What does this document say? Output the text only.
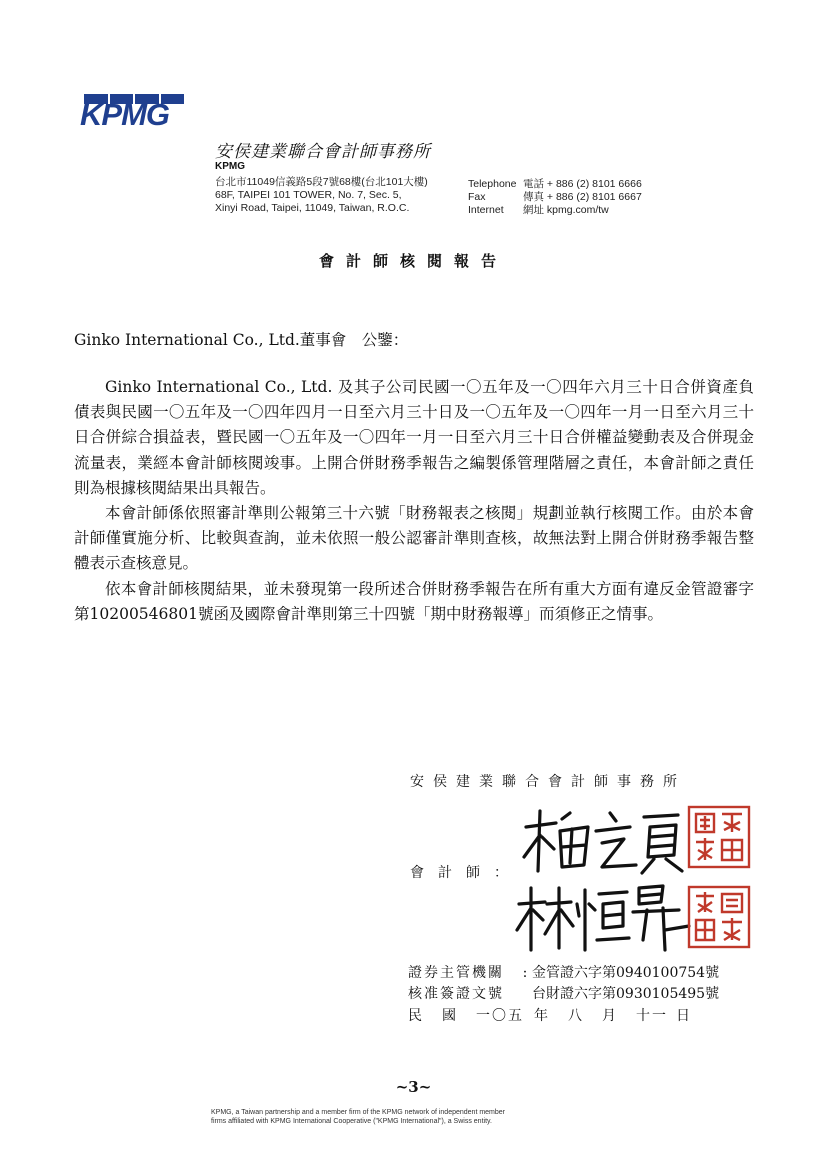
KPMG
安侯建業聯合會計師事務所
KPMG
台北市11049信義路5段7號68樓(台北101大樓)
68F, TAIPEI 101 TOWER, No. 7, Sec. 5,
Xinyi Road, Taipei, 11049, Taiwan, R.O.C.
Telephone 電話 + 886 (2) 8101 6666
Fax	傳真 + 886 (2) 8101 6667
Internet	網址 kpmg.com/tw
會計師核閱報告
Ginko International Co., Ltd.董事會　公鑒：

Ginko International Co., Ltd. 及其子公司民國一〇五年及一〇四年六月三十日合併資產負債表與民國一〇五年及一〇四年四月一日至六月三十日及一〇五年及一〇四年一月一日至六月三十日合併綜合損益表，暨民國一〇五年及一〇四年一月一日至六月三十日合併權益變動表及合併現金流量表，業經本會計師核閱竣事。上開合併財務季報告之編製係管理階層之責任，本會計師之責任則為根據核閱結果出具報告。

本會計師係依照審計準則公報第三十六號「財務報表之核閱」規劃並執行核閱工作。由於本會計師僅實施分析、比較與查詢，並未依照一般公認審計準則查核，故無法對上開合併財務季報告整體表示查核意見。

依本會計師核閱結果，並未發現第一段所述合併財務季報告在所有重大方面有違反金管證審字第10200546801號函及國際會計準則第三十四號「期中財務報導」而須修正之情事。

安侯建業聯合會計師事務所
會計師：
證券主管機關	: 金管證六字第0940100754號
核准簽證文號	台財證六字第0930105495號
民	國	一〇五 年	八	月	十一 日
~3~
KPMG, a Taiwan partnership and a member firm of the KPMG network of independent member
firms affiliated with KPMG International Cooperative ("KPMG International"), a Swiss entity.
